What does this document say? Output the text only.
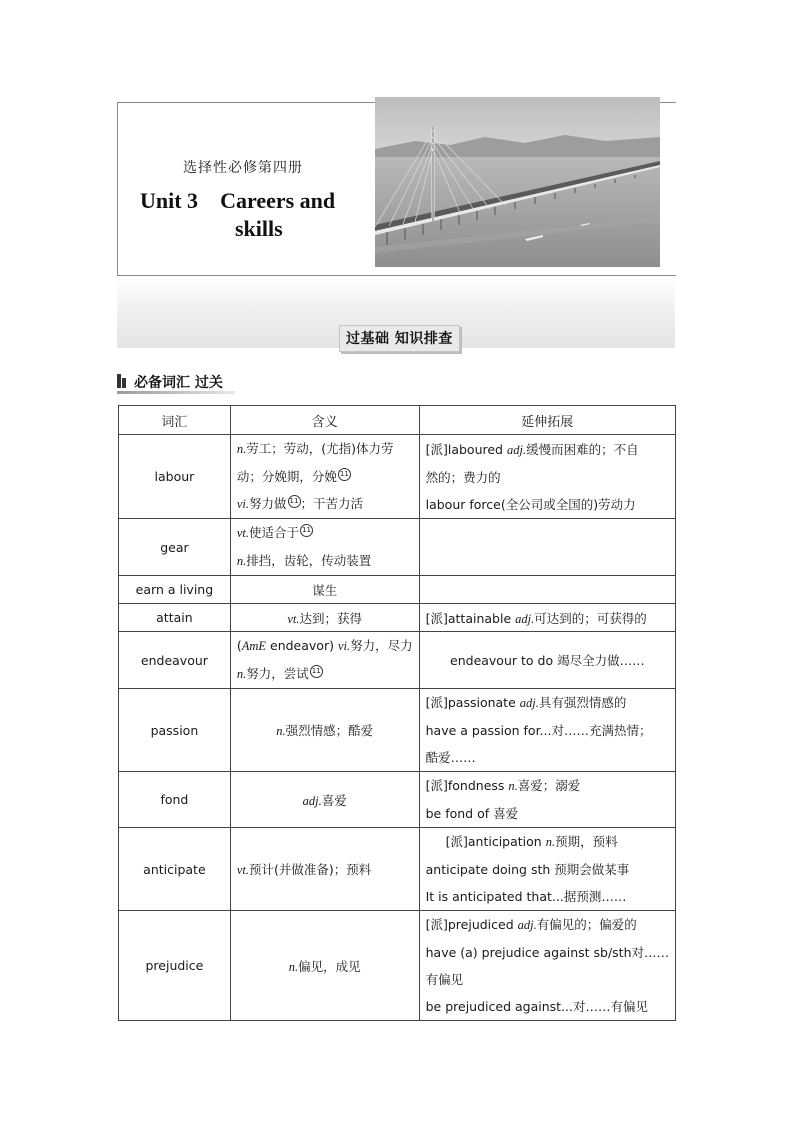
选择性必修第四册
Unit 3 Careers and
skills
过基础 知识排查
必备词汇 过关
词汇	含义	延伸拓展
labour	n.劳工；劳动，(尤指)体力劳
动；分娩期，分娩 11
vi.努力做 11 ；干苦力活	[派]laboured adj.缓慢而困难的；不自
然的；费力的
labour force(全公司或全国的)劳动力

gear	vt.使适合于 11
n.排挡，齿轮，传动装置	

earn a living	谋生	
attain	vt.达到；获得	[派]attainable adj.可达到的；可获得的
endeavour	(AmE endeavor) vi.努力，尽力
n.努力，尝试 11	endeavour to do 竭尽全力做……
passion	n.强烈情感；酷爱	[派]passionate adj.具有强烈情感的
have a passion for...对……充满热情；
酷爱……

fond	adj.喜爱	[派]fondness n.喜爱；溺爱
be fond of 喜爱

anticipate	vt.预计(并做准备)；预料	[派]anticipation n.预期，预料
anticipate doing sth 预期会做某事
It is anticipated that...据预测……

prejudice	n.偏见，成见	[派]prejudiced adj.有偏见的；偏爱的
have (a) prejudice against sb/sth对……
有偏见
be prejudiced against...对……有偏见
